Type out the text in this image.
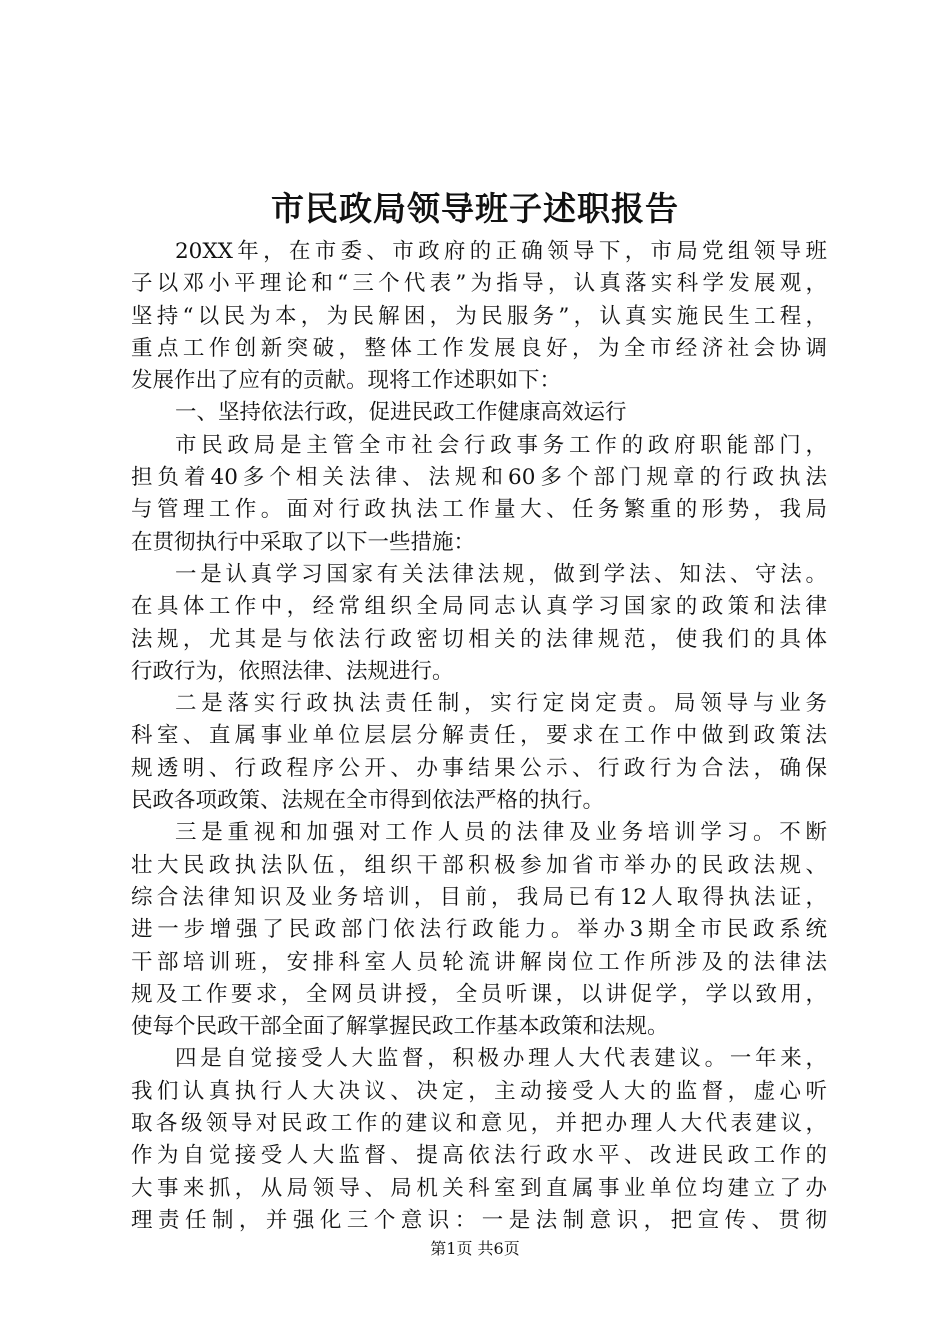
市民政局领导班子述职报告
20XX年，在市委、市政府的正确领导下，市局党组领导班
子以邓小平理论和“三个代表”为指导，认真落实科学发展观，
坚持“以民为本，为民解困，为民服务”，认真实施民生工程，
重点工作创新突破，整体工作发展良好，为全市经济社会协调
发展作出了应有的贡献。现将工作述职如下：
一、坚持依法行政，促进民政工作健康高效运行
市民政局是主管全市社会行政事务工作的政府职能部门，
担负着40多个相关法律、法规和60多个部门规章的行政执法
与管理工作。面对行政执法工作量大、任务繁重的形势，我局
在贯彻执行中采取了以下一些措施：
一是认真学习国家有关法律法规，做到学法、知法、守法。
在具体工作中，经常组织全局同志认真学习国家的政策和法律
法规，尤其是与依法行政密切相关的法律规范，使我们的具体
行政行为，依照法律、法规进行。
二是落实行政执法责任制，实行定岗定责。局领导与业务
科室、直属事业单位层层分解责任，要求在工作中做到政策法
规透明、行政程序公开、办事结果公示、行政行为合法，确保
民政各项政策、法规在全市得到依法严格的执行。
三是重视和加强对工作人员的法律及业务培训学习。不断
壮大民政执法队伍，组织干部积极参加省市举办的民政法规、
综合法律知识及业务培训，目前，我局已有12人取得执法证，
进一步增强了民政部门依法行政能力。举办3期全市民政系统
干部培训班，安排科室人员轮流讲解岗位工作所涉及的法律法
规及工作要求，全网员讲授，全员听课，以讲促学，学以致用，
使每个民政干部全面了解掌握民政工作基本政策和法规。
四是自觉接受人大监督，积极办理人大代表建议。一年来，
我们认真执行人大决议、决定，主动接受人大的监督，虚心听
取各级领导对民政工作的建议和意见，并把办理人大代表建议，
作为自觉接受人大监督、提高依法行政水平、改进民政工作的
大事来抓，从局领导、局机关科室到直属事业单位均建立了办
理责任制，并强化三个意识：一是法制意识，把宣传、贯彻
第1页 共6页
